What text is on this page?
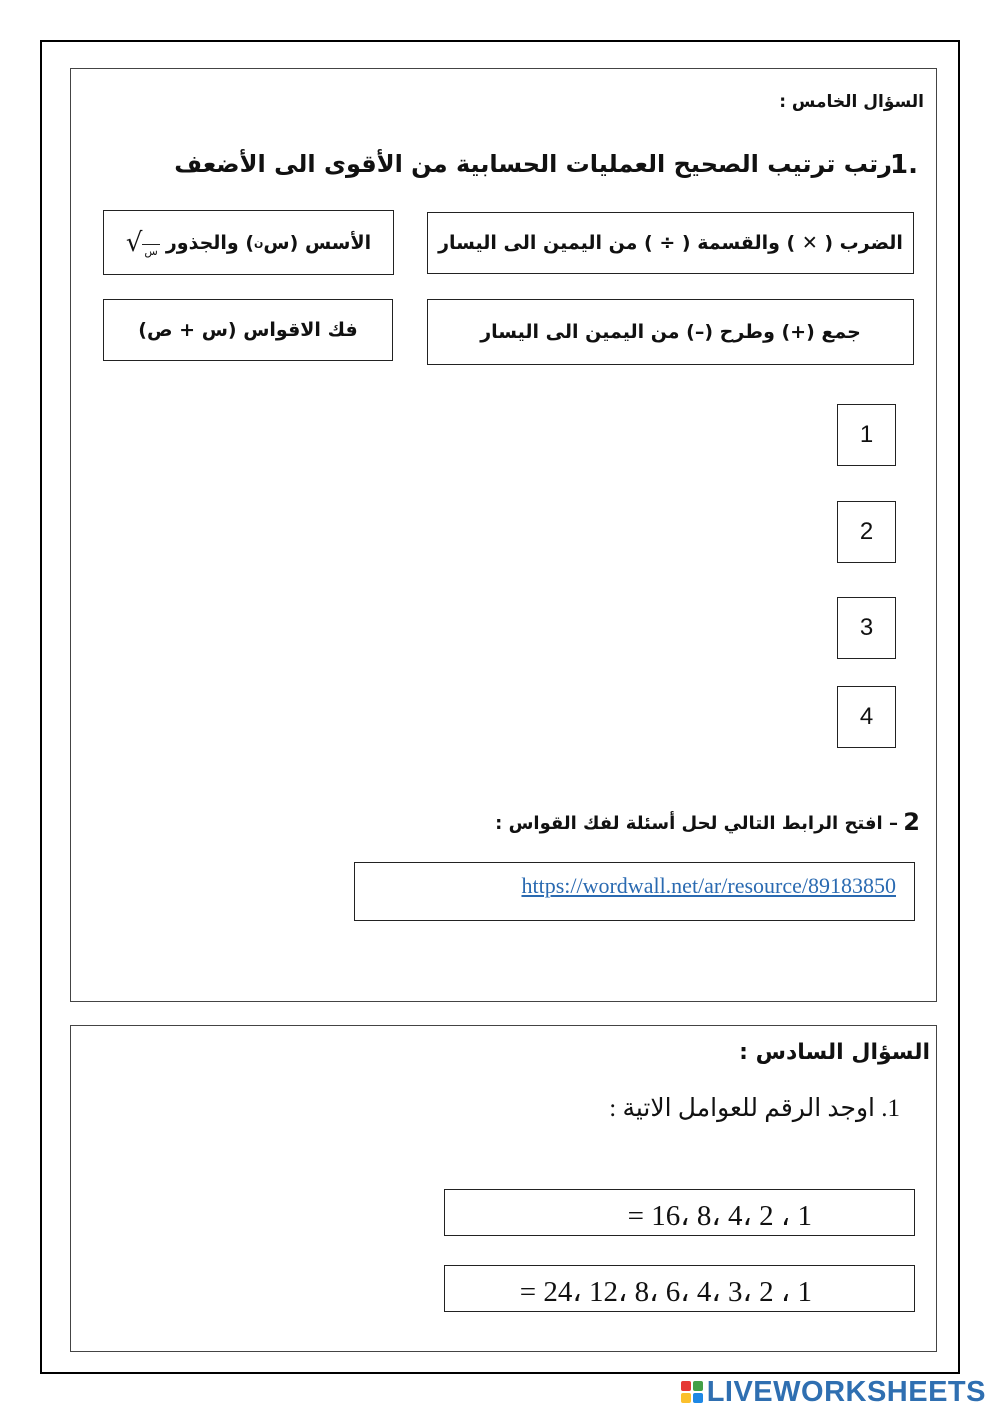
السؤال الخامس :
رتب ترتيب الصحيح العمليات الحسابية من الأقوى الى الأضعف
1.
الضرب ( ✕ ) والقسمة ( ÷ ) من اليمين الى اليسار
الأسس (س
ن
) والجذور
س
√
جمع (+) وطرح (–) من اليمين الى اليسار
فك الاقواس (س + ص)
1
2
3
4
– افتح الرابط التالي لحل أسئلة لفك القواس : 2
https://wordwall.net/ar/resource/89183850
السؤال السادس :
1. اوجد الرقم للعوامل الاتية :
1 ، 2 ،4 ،8 ،16 =
1 ، 2 ،3 ،4 ،6 ،8 ،12 ،24 =
LIVEWORKSHEETS
